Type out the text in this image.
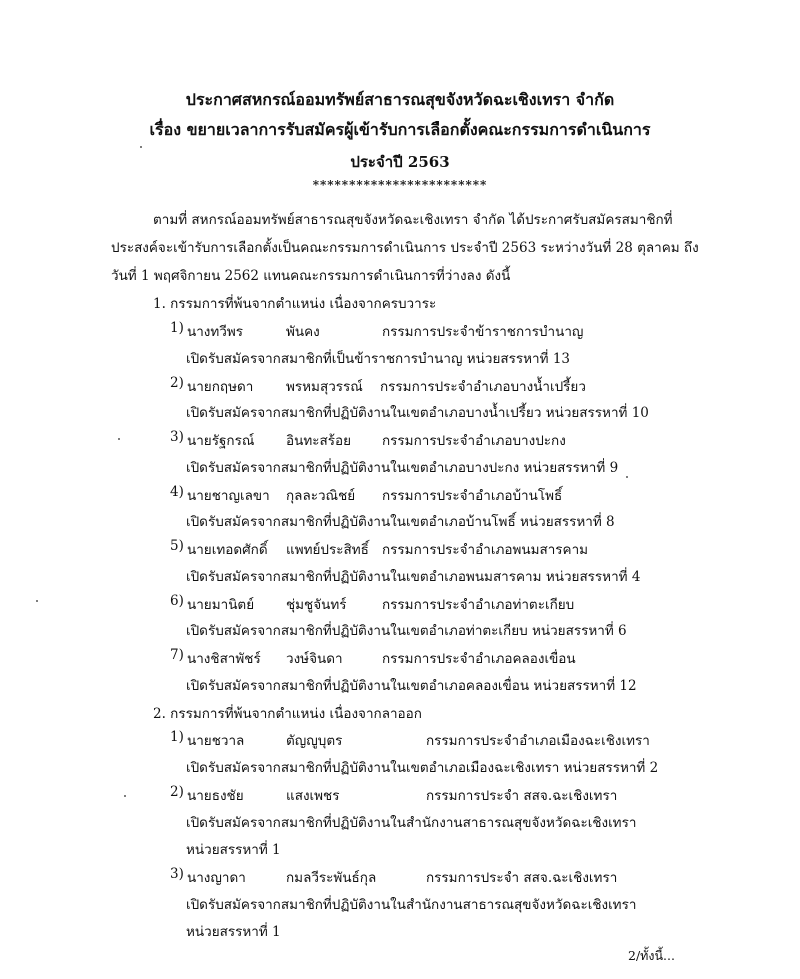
ประกาศสหกรณ์ออมทรัพย์สาธารณสุขจังหวัดฉะเชิงเทรา จำกัด
เรื่อง ขยายเวลาการรับสมัครผู้เข้ารับการเลือกตั้งคณะกรรมการดำเนินการ
ประจำปี 2563
************************
ตามที่ สหกรณ์ออมทรัพย์สาธารณสุขจังหวัดฉะเชิงเทรา จำกัด ได้ประกาศรับสมัครสมาชิกที่
ประสงค์จะเข้ารับการเลือกตั้งเป็นคณะกรรมการดำเนินการ ประจำปี 2563 ระหว่างวันที่ 28 ตุลาคม ถึง
วันที่ 1 พฤศจิกายน 2562 แทนคณะกรรมการดำเนินการที่ว่างลง ดังนี้
1. กรรมการที่พ้นจากตำแหน่ง เนื่องจากครบวาระ
1) นางทวีพร	พันคง	กรรมการประจำข้าราชการบำนาญ
เปิดรับสมัครจากสมาชิกที่เป็นข้าราชการบำนาญ หน่วยสรรหาที่ 13
2) นายกฤษดา พรหมสุวรรณ์ กรรมการประจำอำเภอบางน้ำเปรี้ยว
เปิดรับสมัครจากสมาชิกที่ปฏิบัติงานในเขตอำเภอบางน้ำเปรี้ยว หน่วยสรรหาที่ 10
3) นายรัฐกรณ์ อินทะสร้อย กรรมการประจำอำเภอบางปะกง
เปิดรับสมัครจากสมาชิกที่ปฏิบัติงานในเขตอำเภอบางปะกง หน่วยสรรหาที่ 9
4) นายชาญเลขา กุลละวณิชย์ กรรมการประจำอำเภอบ้านโพธิ์
เปิดรับสมัครจากสมาชิกที่ปฏิบัติงานในเขตอำเภอบ้านโพธิ์ หน่วยสรรหาที่ 8
5) นายเทอดศักดิ์ แพทย์ประสิทธิ์ กรรมการประจำอำเภอพนมสารคาม
เปิดรับสมัครจากสมาชิกที่ปฏิบัติงานในเขตอำเภอพนมสารคาม หน่วยสรรหาที่ 4
6) นายมานิตย์ ชุ่มชูจันทร์	กรรมการประจำอำเภอท่าตะเกียบ
เปิดรับสมัครจากสมาชิกที่ปฏิบัติงานในเขตอำเภอท่าตะเกียบ หน่วยสรรหาที่ 6
7) นางชิสาพัชร์ วงษ์จินดา	กรรมการประจำอำเภอคลองเขื่อน
เปิดรับสมัครจากสมาชิกที่ปฏิบัติงานในเขตอำเภอคลองเขื่อน หน่วยสรรหาที่ 12
2. กรรมการที่พ้นจากตำแหน่ง เนื่องจากลาออก
1) นายชวาล	ตัญญูบุตร	กรรมการประจำอำเภอเมืองฉะเชิงเทรา
เปิดรับสมัครจากสมาชิกที่ปฏิบัติงานในเขตอำเภอเมืองฉะเชิงเทรา หน่วยสรรหาที่ 2
2) นายธงชัย	แสงเพชร	กรรมการประจำ สสจ.ฉะเชิงเทรา
เปิดรับสมัครจากสมาชิกที่ปฏิบัติงานในสำนักงานสาธารณสุขจังหวัดฉะเชิงเทรา
หน่วยสรรหาที่ 1
3) นางญาดา	กมลวีระพันธ์กุล	กรรมการประจำ สสจ.ฉะเชิงเทรา
เปิดรับสมัครจากสมาชิกที่ปฏิบัติงานในสำนักงานสาธารณสุขจังหวัดฉะเชิงเทรา
หน่วยสรรหาที่ 1
2/ทั้งนี้...
